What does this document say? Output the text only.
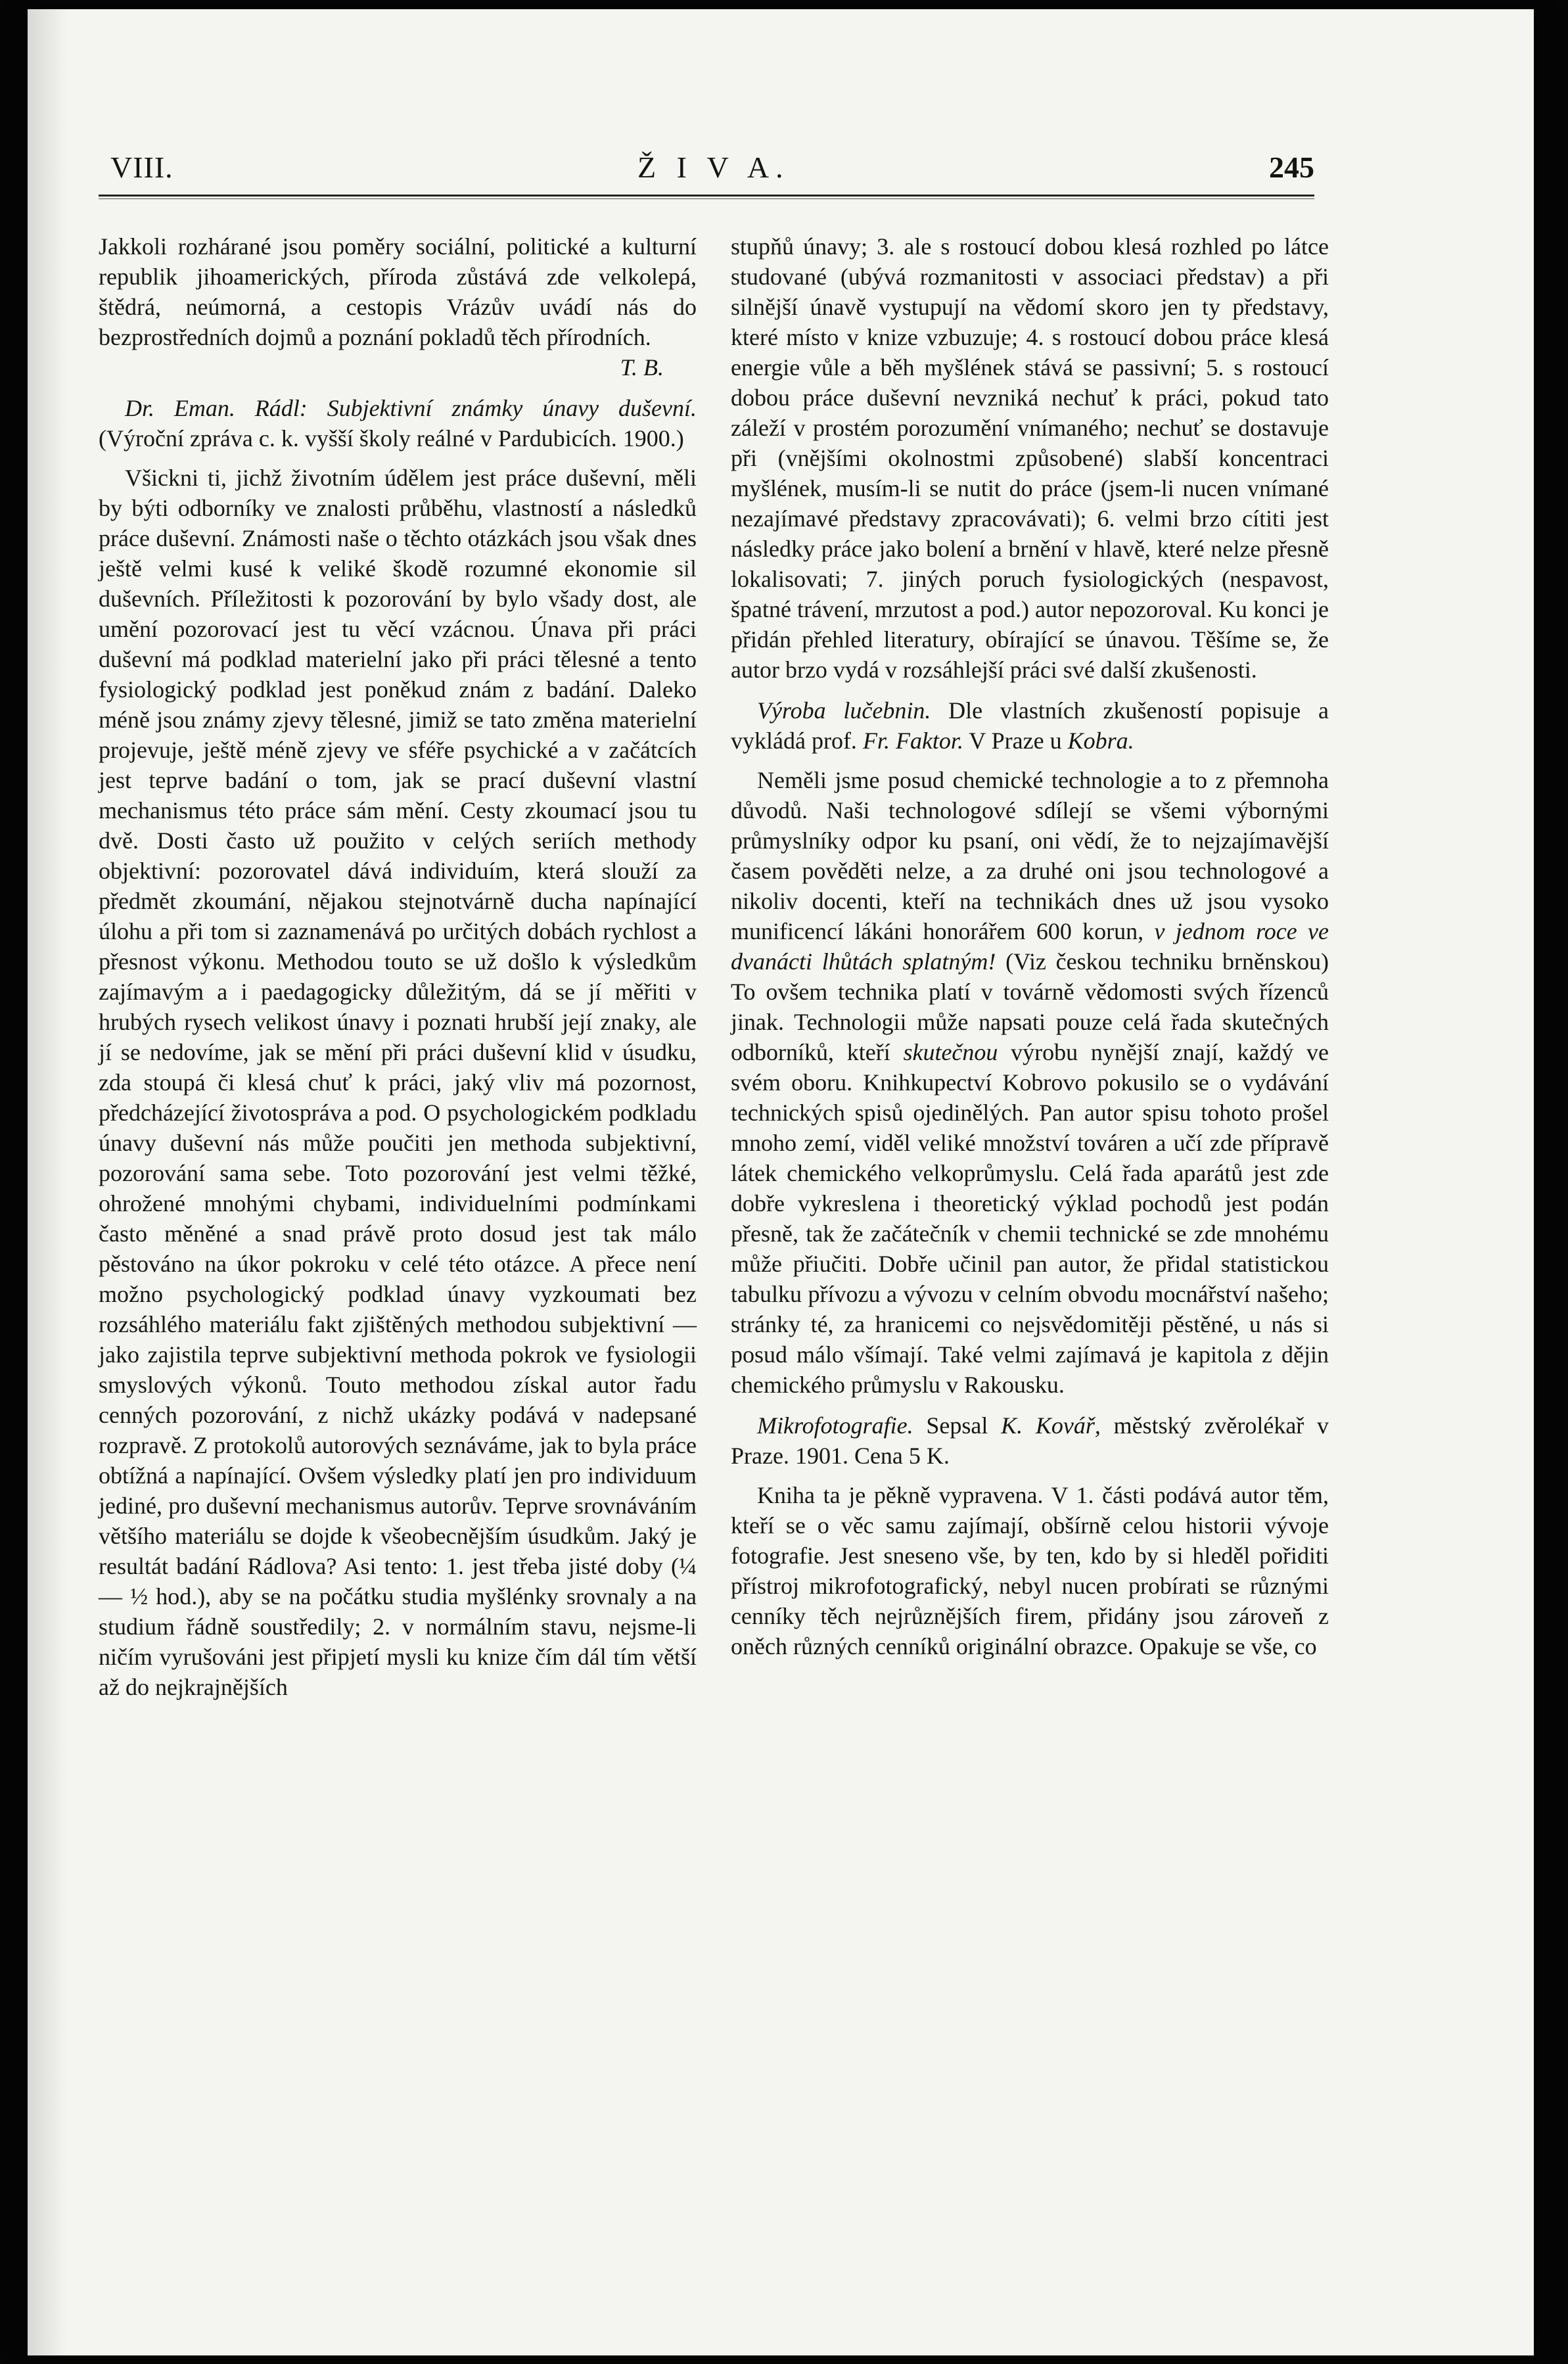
VIII.	Ž I V A.	245

Jakkoli rozhárané jsou poměry sociální, politické a kulturní republik jihoamerických, příroda zůstává zde velkolepá, štědrá, neúmorná, a cestopis Vrázův uvádí nás do bezprostředních dojmů a poznání pokladů těch přírodních.
T. B.

Dr. Eman. Rádl: Subjektivní známky únavy duševní. (Výroční zpráva c. k. vyšší školy reálné v Pardubicích. 1900.)

Všickni ti, jichž životním údělem jest práce duševní, měli by býti odborníky ve znalosti průběhu, vlastností a následků práce duševní. Známosti naše o těchto otázkách jsou však dnes ještě velmi kusé k veliké škodě rozumné ekonomie sil duševních. Příležitosti k pozorování by bylo všady dost, ale umění pozorovací jest tu věcí vzácnou. Únava při práci duševní má podklad materielní jako při práci tělesné a tento fysiologický podklad jest poněkud znám z badání. Daleko méně jsou známy zjevy tělesné, jimiž se tato změna materielní projevuje, ještě méně zjevy ve sféře psychické a v začátcích jest teprve badání o tom, jak se prací duševní vlastní mechanismus této práce sám mění. Cesty zkoumací jsou tu dvě. Dosti často už použito v celých seriích methody objektivní: pozorovatel dává individuím, která slouží za předmět zkoumání, nějakou stejnotvárně ducha napínající úlohu a při tom si zaznamenává po určitých dobách rychlost a přesnost výkonu. Methodou touto se už došlo k výsledkům zajímavým a i paedagogicky důležitým, dá se jí měřiti v hrubých rysech velikost únavy i poznati hrubší její znaky, ale jí se nedovíme, jak se mění při práci duševní klid v úsudku, zda stoupá či klesá chuť k práci, jaký vliv má pozornost, předcházející životospráva a pod. O psychologickém podkladu únavy duševní nás může poučiti jen methoda subjektivní, pozorování sama sebe. Toto pozorování jest velmi těžké, ohrožené mnohými chybami, individuelními podmínkami často měněné a snad právě proto dosud jest tak málo pěstováno na úkor pokroku v celé této otázce. A přece není možno psychologický podklad únavy vyzkoumati bez rozsáhlého materiálu fakt zjištěných methodou subjektivní — jako zajistila teprve subjektivní methoda pokrok ve fysiologii smyslových výkonů. Touto methodou získal autor řadu cenných pozorování, z nichž ukázky podává v nadepsané rozpravě. Z protokolů autorových seznáváme, jak to byla práce obtížná a napínající. Ovšem výsledky platí jen pro individuum jediné, pro duševní mechanismus autorův. Teprve srovnáváním většího materiálu se dojde k všeobecnějším úsudkům. Jaký je resultát badání Rádlova? Asi tento: 1. jest třeba jisté doby (¼ — ½ hod.), aby se na počátku studia myšlénky srovnaly a na studium řádně soustředily; 2. v normálním stavu, nejsme-li ničím vyrušováni jest připjetí mysli ku knize čím dál tím větší až do nejkrajnějších

stupňů únavy; 3. ale s rostoucí dobou klesá rozhled po látce studované (ubývá rozmanitosti v associaci představ) a při silnější únavě vystupují na vědomí skoro jen ty představy, které místo v knize vzbuzuje; 4. s rostoucí dobou práce klesá energie vůle a běh myšlének stává se passivní; 5. s rostoucí dobou práce duševní nevzniká nechuť k práci, pokud tato záleží v prostém porozumění vnímaného; nechuť se dostavuje při (vnějšími okolnostmi způsobené) slabší koncentraci myšlének, musím-li se nutit do práce (jsem-li nucen vnímané nezajímavé představy zpracovávati); 6. velmi brzo cítiti jest následky práce jako bolení a brnění v hlavě, které nelze přesně lokalisovati; 7. jiných poruch fysiologických (nespavost, špatné trávení, mrzutost a pod.) autor nepozoroval. Ku konci je přidán přehled literatury, obírající se únavou. Těšíme se, že autor brzo vydá v rozsáhlejší práci své další zkušenosti.

Výroba lučebnin. Dle vlastních zkušeností popisuje a vykládá prof. Fr. Faktor. V Praze u Kobra.

Neměli jsme posud chemické technologie a to z přemnoha důvodů. Naši technologové sdílejí se všemi výbornými průmyslníky odpor ku psaní, oni vědí, že to nejzajímavější časem pověděti nelze, a za druhé oni jsou technologové a nikoliv docenti, kteří na technikách dnes už jsou vysoko munificencí lákáni honorářem 600 korun, v jednom roce ve dvanácti lhůtách splatným! (Viz českou techniku brněnskou) To ovšem technika platí v továrně vědomosti svých řízenců jinak. Technologii může napsati pouze celá řada skutečných odborníků, kteří skutečnou výrobu nynější znají, každý ve svém oboru. Knihkupectví Kobrovo pokusilo se o vydávání technických spisů ojedinělých. Pan autor spisu tohoto prošel mnoho zemí, viděl veliké množství továren a učí zde přípravě látek chemického velkoprůmyslu. Celá řada aparátů jest zde dobře vykreslena i theoretický výklad pochodů jest podán přesně, tak že začátečník v chemii technické se zde mnohému může přiučiti. Dobře učinil pan autor, že přidal statistickou tabulku přívozu a vývozu v celním obvodu mocnářství našeho; stránky té, za hranicemi co nejsvědomitěji pěstěné, u nás si posud málo všímají. Také velmi zajímavá je kapitola z dějin chemického průmyslu v Rakousku.

Mikrofotografie. Sepsal K. Kovář, městský zvěrolékař v Praze. 1901. Cena 5 K.

Kniha ta je pěkně vypravena. V 1. části podává autor těm, kteří se o věc samu zajímají, obšírně celou historii vývoje fotografie. Jest sneseno vše, by ten, kdo by si hleděl pořiditi přístroj mikrofotografický, nebyl nucen probírati se různými cenníky těch nejrůznějších firem, přidány jsou zároveň z oněch různých cenníků originální obrazce. Opakuje se vše, co
